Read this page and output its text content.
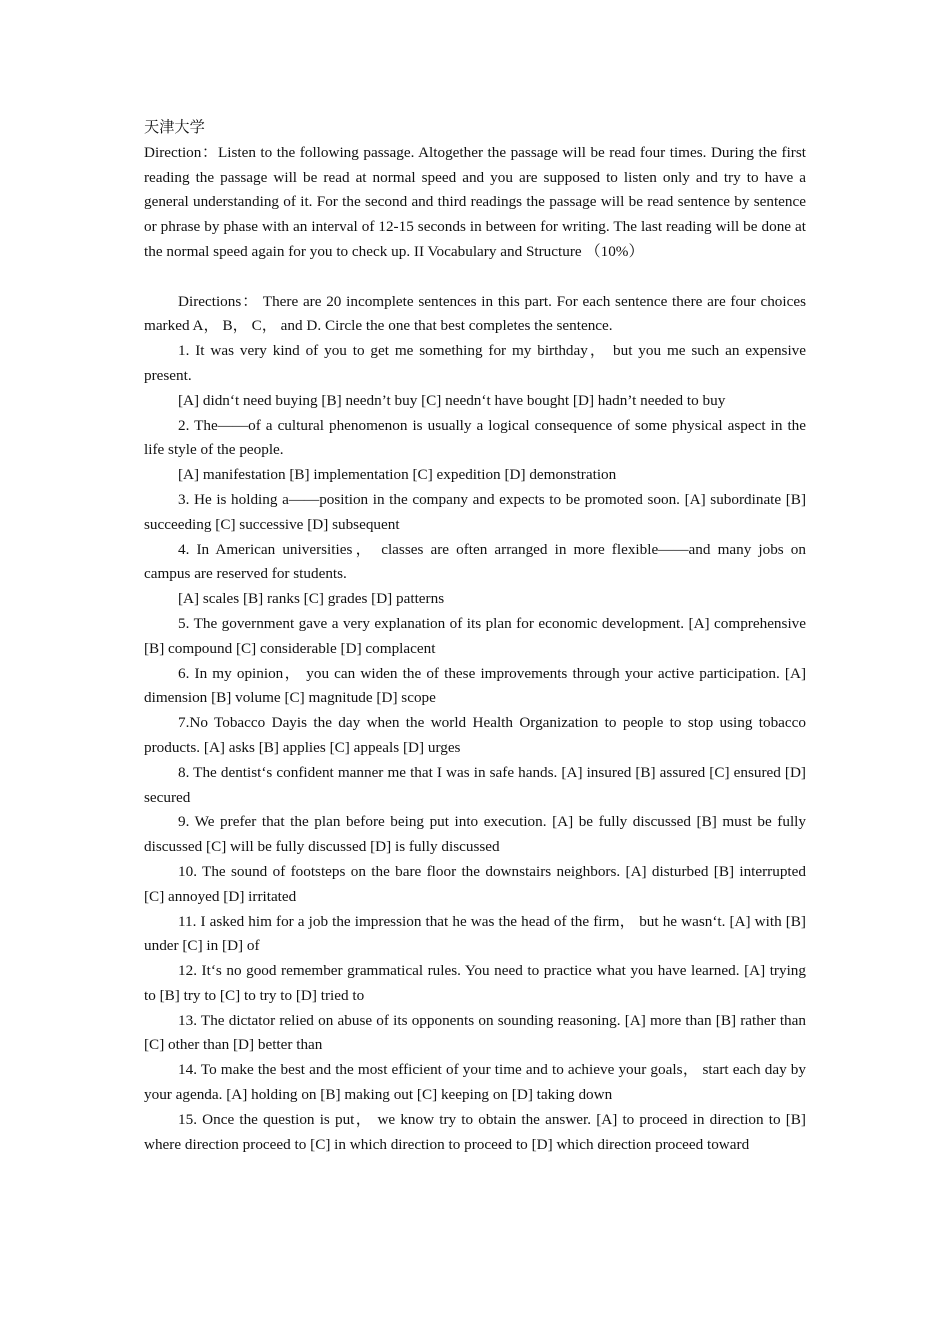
天津大学

Direction：Listen to the following passage. Altogether the passage will be read four times. During the first reading the passage will be read at normal speed and you are supposed to listen only and try to have a general understanding of it. For the second and third readings the passage will be read sentence by sentence or phrase by phase with an interval of 12-15 seconds in between for writing. The last reading will be done at the normal speed again for you to check up. II Vocabulary and Structure （10%）

Directions： There are 20 incomplete sentences in this part. For each sentence there are four choices marked A， B， C， and D. Circle the one that best completes the sentence.

1. It was very kind of you to get me something for my birthday， but you me such an expensive present.

[A] didn‘t need buying [B] needn’t buy [C] needn‘t have bought [D] hadn’t needed to buy

2. The——of a cultural phenomenon is usually a logical consequence of some physical aspect in the life style of the people.

[A] manifestation [B] implementation [C] expedition [D] demonstration

3. He is holding a——position in the company and expects to be promoted soon. [A] subordinate [B] succeeding [C] successive [D] subsequent

4. In American universities， classes are often arranged in more flexible——and many jobs on campus are reserved for students.

[A] scales [B] ranks [C] grades [D] patterns

5. The government gave a very explanation of its plan for economic development. [A] comprehensive [B] compound [C] considerable [D] complacent

6. In my opinion， you can widen the of these improvements through your active participation. [A] dimension [B] volume [C] magnitude [D] scope

7.No Tobacco Dayis the day when the world Health Organization to people to stop using tobacco products. [A] asks [B] applies [C] appeals [D] urges

8. The dentist‘s confident manner me that I was in safe hands. [A] insured [B] assured [C] ensured [D] secured

9. We prefer that the plan before being put into execution. [A] be fully discussed [B] must be fully discussed [C] will be fully discussed [D] is fully discussed

10. The sound of footsteps on the bare floor the downstairs neighbors. [A] disturbed [B] interrupted [C] annoyed [D] irritated

11. I asked him for a job the impression that he was the head of the firm， but he wasn‘t. [A] with [B] under [C] in [D] of

12. It‘s no good remember grammatical rules. You need to practice what you have learned. [A] trying to [B] try to [C] to try to [D] tried to

13. The dictator relied on abuse of its opponents on sounding reasoning. [A] more than [B] rather than [C] other than [D] better than

14. To make the best and the most efficient of your time and to achieve your goals， start each day by your agenda. [A] holding on [B] making out [C] keeping on [D] taking down

15. Once the question is put， we know try to obtain the answer. [A] to proceed in direction to [B] where direction proceed to [C] in which direction to proceed to [D] which direction proceed toward
